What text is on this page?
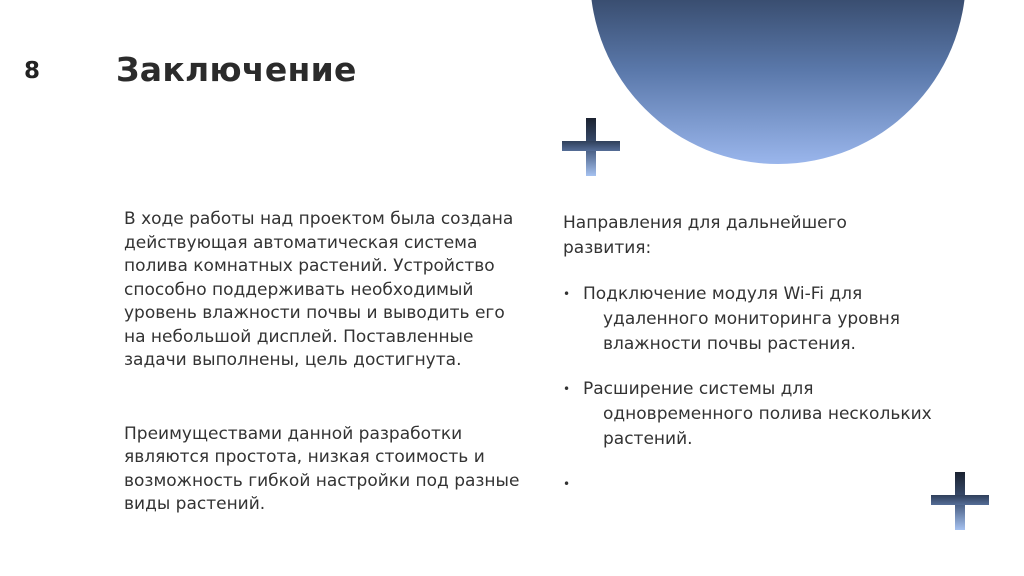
8 Заключение

В ходе работы над проектом была создана действующая автоматическая система полива комнатных растений. Устройство способно поддерживать необходимый уровень влажности почвы и выводить его на небольшой дисплей. Поставленные задачи выполнены, цель достигнута.

Преимуществами данной разработки являются простота, низкая стоимость и возможность гибкой настройки под разные виды растений.

Направления для дальнейшего развития:

• Подключение модуля Wi-Fi для удаленного мониторинга уровня влажности почвы растения.
• Расширение системы для одновременного полива нескольких растений.
•
